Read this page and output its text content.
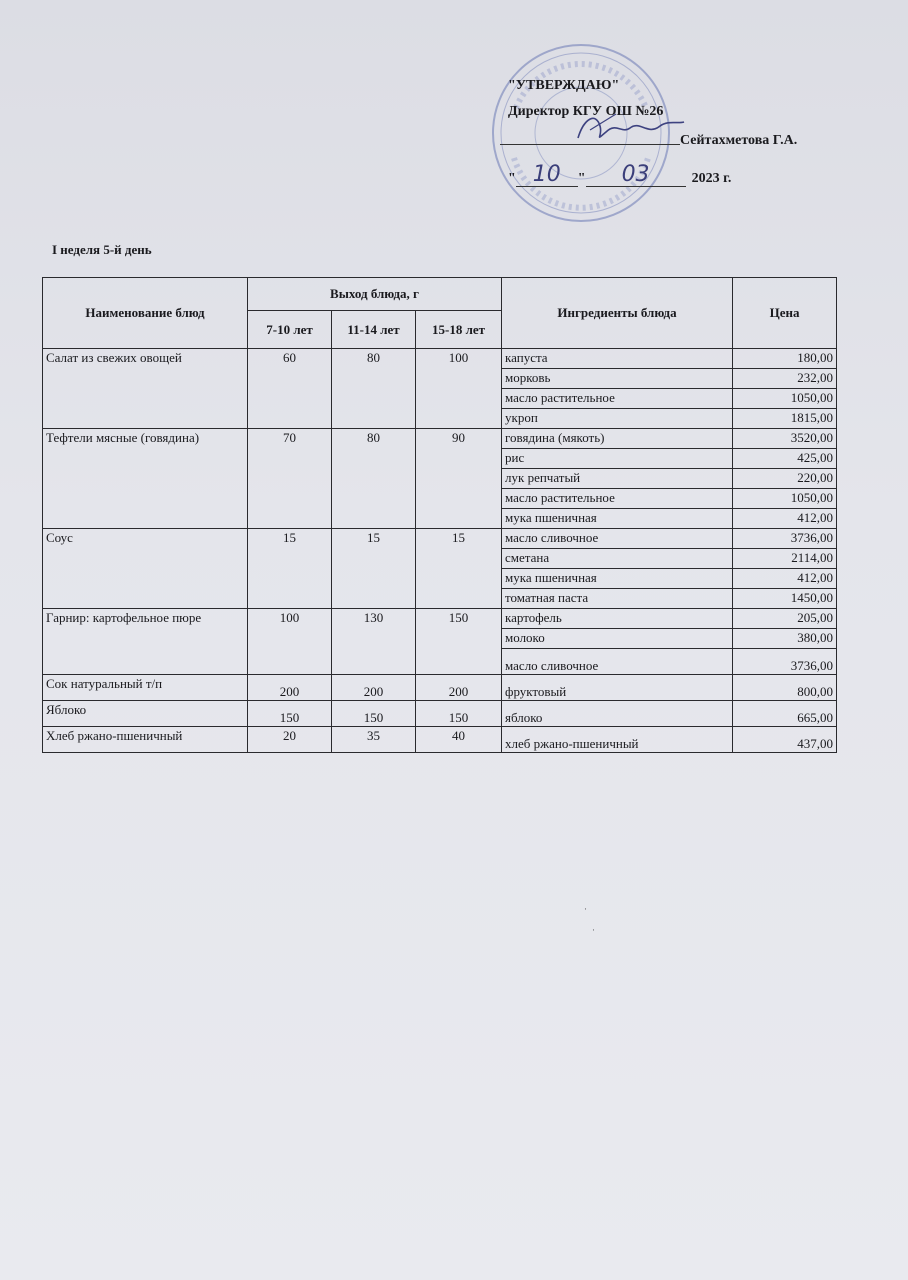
"УТВЕРЖДАЮ"
Директор КГУ ОШ №26
Сейтахметова Г.А.
" 10	"	03	2023 г.
I неделя 5-й день
Наименование блюд	Выход блюда, г			Ингредиенты блюда	Цена
	7-10 лет	11-14 лет	15-18 лет		
Салат из свежих овощей	60	80	100	капуста	180,00
				морковь	232,00
				масло растительное	1050,00
				укроп	1815,00
Тефтели мясные (говядина)	70	80	90	говядина (мякоть)	3520,00
				рис	425,00
				лук репчатый	220,00
				масло растительное	1050,00
				мука пшеничная	412,00
Соус	15	15	15	масло сливочное	3736,00
				сметана	2114,00
				мука пшеничная	412,00
				томатная паста	1450,00
Гарнир: картофельное пюре	100	130	150	картофель	205,00
				молоко	380,00
				масло сливочное	3736,00
Сок натуральный т/п	200	200	200	фруктовый	800,00
Яблоко	150	150	150	яблоко	665,00
Хлеб ржано-пшеничный	20	35	40	хлеб ржано-пшеничный	437,00
·
·
